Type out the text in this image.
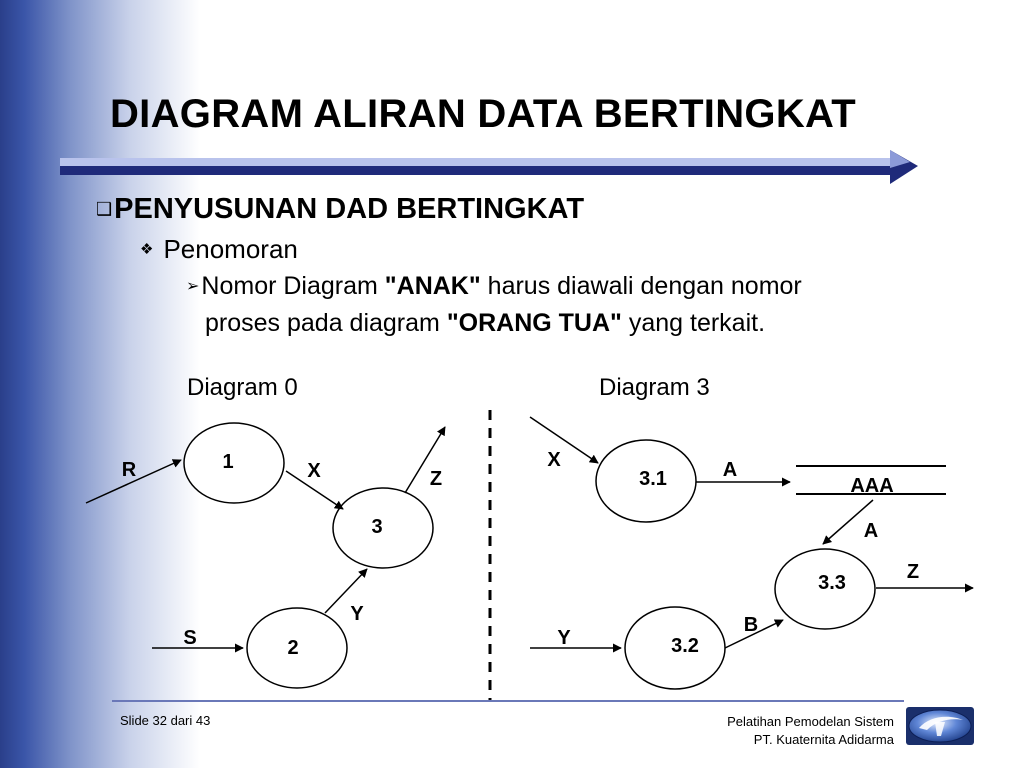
DIAGRAM ALIRAN DATA BERTINGKAT
❑PENYUSUNAN DAD BERTINGKAT
❖ Penomoran
➢Nomor Diagram "ANAK" harus diawali dengan nomor
proses pada diagram "ORANG TUA" yang terkait.
Diagram 0	Diagram 3
1
3
2
R	X	Z
Y
S
3.1
3.3
3.2
AAA
X	A
A
Z
B
Y
Slide 32 dari 43	Pelatihan Pemodelan Sistem
PT. Kuaternita Adidarma
